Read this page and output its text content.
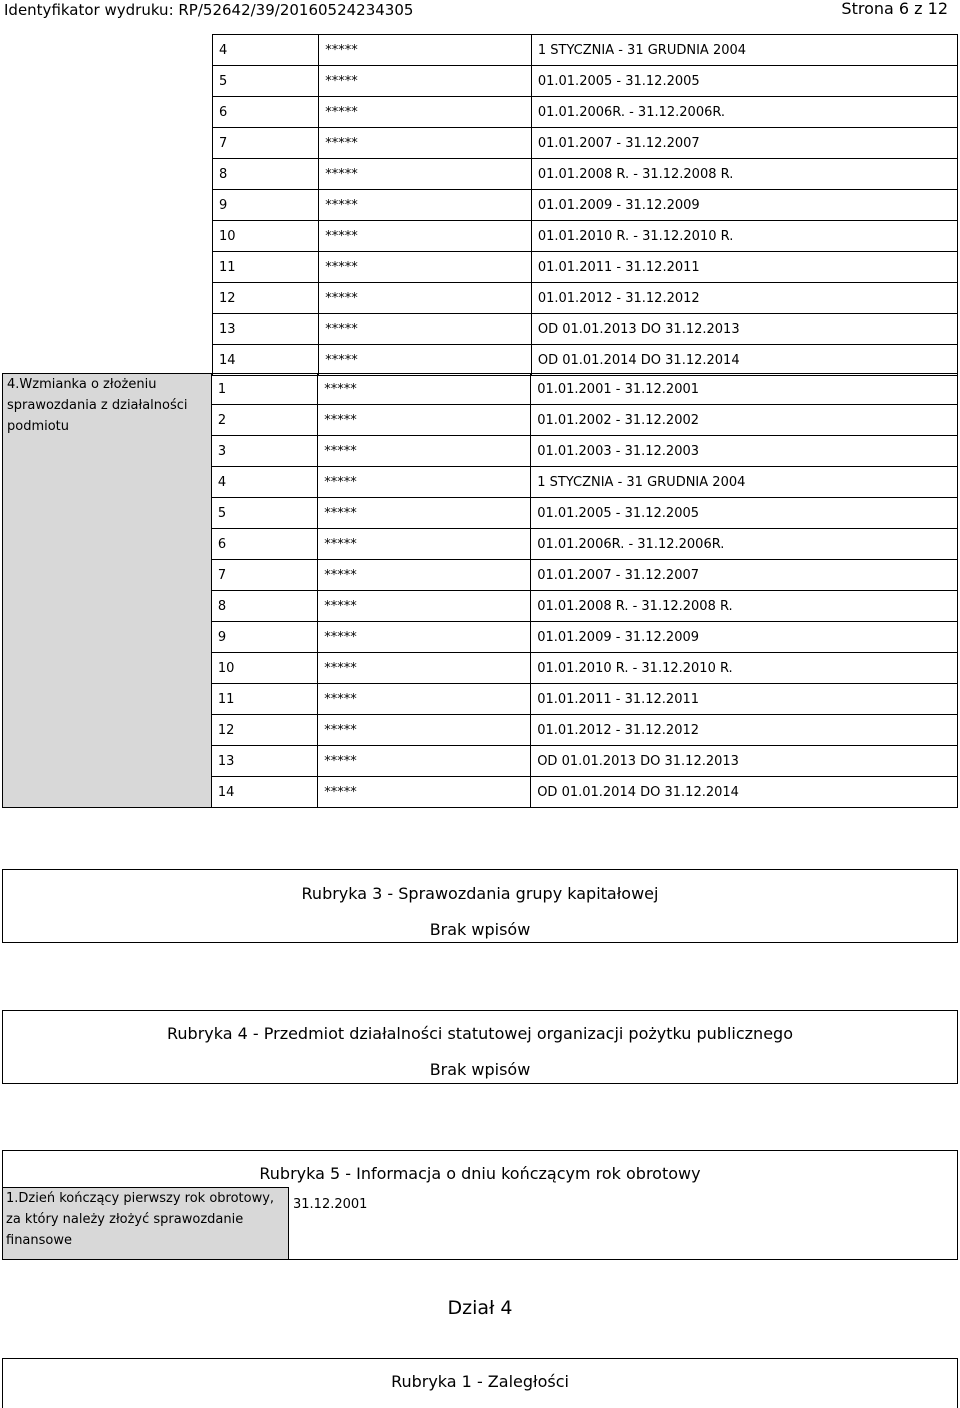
Identyfikator wydruku: RP/52642/39/20160524234305	Strona 6 z 12
4	*****	1 STYCZNIA - 31 GRUDNIA 2004
5	*****	01.01.2005 - 31.12.2005
6	*****	01.01.2006R. - 31.12.2006R.
7	*****	01.01.2007 - 31.12.2007
8	*****	01.01.2008 R. - 31.12.2008 R.
9	*****	01.01.2009 - 31.12.2009
10	*****	01.01.2010 R. - 31.12.2010 R.
11	*****	01.01.2011 - 31.12.2011
12	*****	01.01.2012 - 31.12.2012
13	*****	OD 01.01.2013 DO 31.12.2013
14	*****	OD 01.01.2014 DO 31.12.2014
4.Wzmianka o złożeniu
sprawozdania z działalności
podmiotu	1	*****	01.01.2001 - 31.12.2001
	2	*****	01.01.2002 - 31.12.2002
	3	*****	01.01.2003 - 31.12.2003
	4	*****	1 STYCZNIA - 31 GRUDNIA 2004
	5	*****	01.01.2005 - 31.12.2005
	6	*****	01.01.2006R. - 31.12.2006R.
	7	*****	01.01.2007 - 31.12.2007
	8	*****	01.01.2008 R. - 31.12.2008 R.
	9	*****	01.01.2009 - 31.12.2009
	10	*****	01.01.2010 R. - 31.12.2010 R.
	11	*****	01.01.2011 - 31.12.2011
	12	*****	01.01.2012 - 31.12.2012
	13	*****	OD 01.01.2013 DO 31.12.2013
	14	*****	OD 01.01.2014 DO 31.12.2014
Rubryka 3 - Sprawozdania grupy kapitałowej
Brak wpisów
Rubryka 4 - Przedmiot działalności statutowej organizacji pożytku publicznego
Brak wpisów
Rubryka 5 - Informacja o dniu kończącym rok obrotowy
1.Dzień kończący pierwszy rok obrotowy,
za który należy złożyć sprawozdanie
finansowe
31.12.2001
Dział 4
Rubryka 1 - Zaległości
